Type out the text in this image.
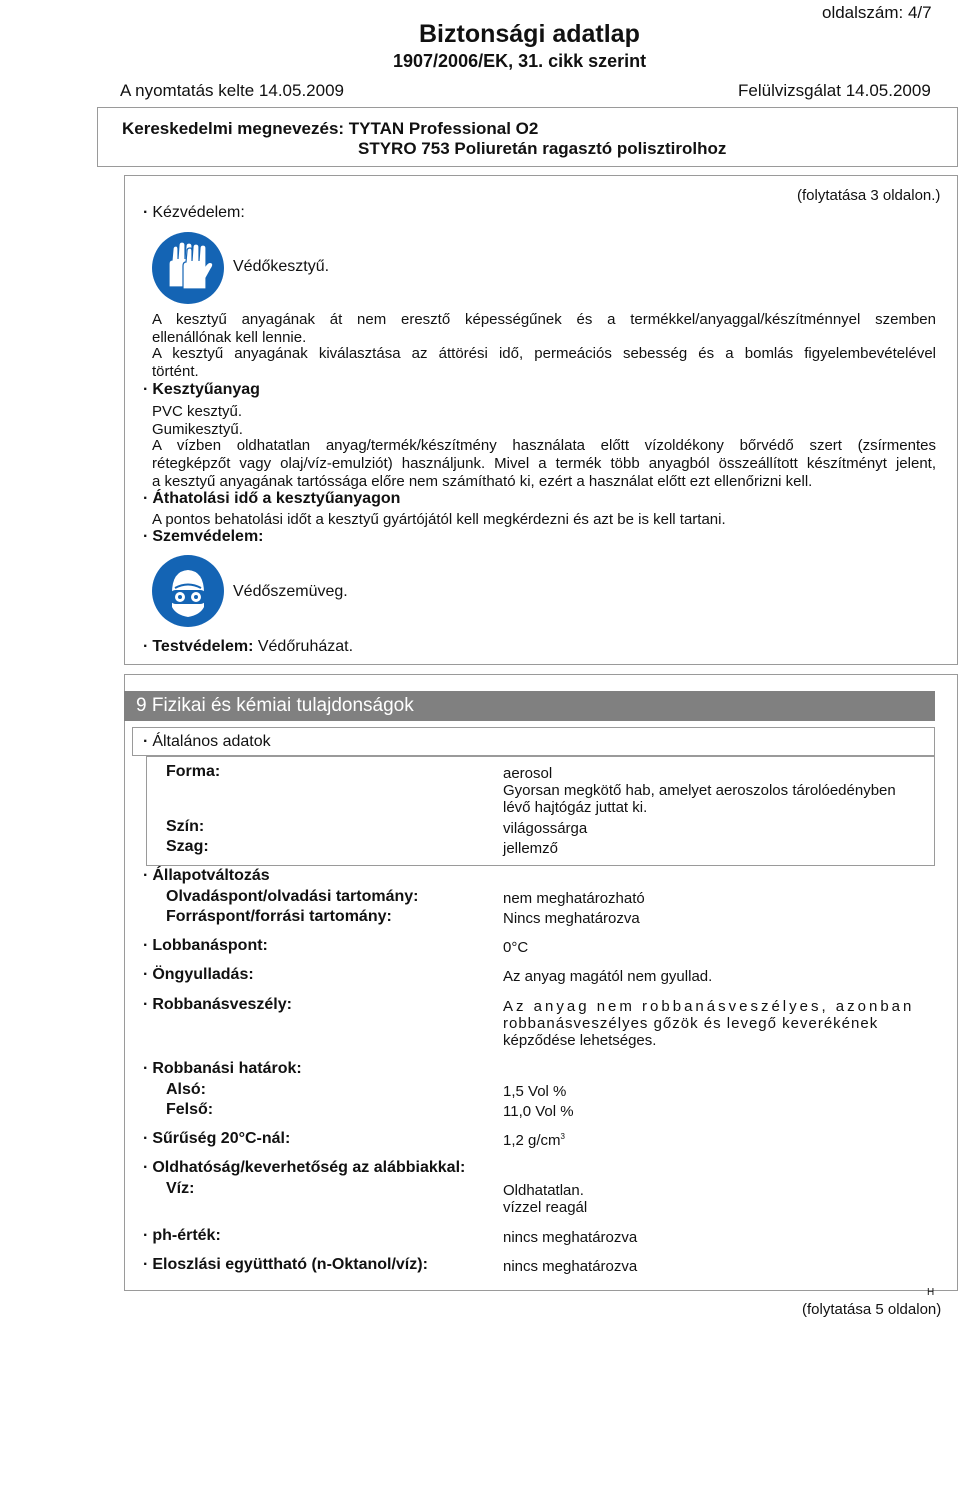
oldalszám: 4/7
Biztonsági adatlap
1907/2006/EK, 31. cikk szerint
A nyomtatás kelte 14.05.2009	Felülvizsgálat 14.05.2009
Kereskedelmi megnevezés: TYTAN Professional O2
STYRO 753 Poliuretán ragasztó polisztirolhoz
· Kézvédelem:
(folytatása 3 oldalon.)
Védőkesztyű.
A kesztyű anyagának át nem eresztő képességűnek és a termékkel/anyaggal/készítménnyel szemben
ellenállónak kell lennie.
A kesztyű anyagának kiválasztása az áttörési idő, permeációs sebesség és a bomlás figyelembevételével
történt.
· Kesztyűanyag
PVC kesztyű.
Gumikesztyű.
A vízben oldhatatlan anyag/termék/készítmény használata előtt vízoldékony bőrvédő szert (zsírmentes
rétegképzőt vagy olaj/víz-emulziót) használjunk. Mivel a termék több anyagból összeállított készítményt jelent,
a kesztyű anyagának tartóssága előre nem számítható ki, ezért a használat előtt ezt ellenőrizni kell.
· Áthatolási idő a kesztyűanyagon
A pontos behatolási időt a kesztyű gyártójától kell megkérdezni és azt be is kell tartani.
· Szemvédelem:
Védőszemüveg.
· Testvédelem: Védőruházat.
9 Fizikai és kémiai tulajdonságok
· Általános adatok
Forma:	aerosol
Gyorsan megkötő hab, amelyet aeroszolos tárolóedényben
lévő hajtógáz juttat ki.
Szín:	világossárga
Szag:	jellemző
· Állapotváltozás
Olvadáspont/olvadási tartomány:	nem meghatározható
Forráspont/forrási tartomány:	Nincs meghatározva
· Lobbanáspont:	0°C
· Öngyulladás:	Az anyag magától nem gyullad.
· Robbanásveszély:	Az anyag nem robbanásveszélyes, azonban
robbanásveszélyes gőzök és levegő keverékének
képződése lehetséges.
· Robbanási határok:
Alsó:	1,5 Vol %
Felső:	11,0 Vol %
· Sűrűség 20°C-nál:	1,2 $g/cm^3$
· Oldhatóság/keverhetőség az alábbiakkal:
Víz:	Oldhatatlan.
vízzel reagál
· ph-érték:	nincs meghatározva
· Eloszlási együttható (n-Oktanol/víz):	nincs meghatározva
H
(folytatása 5 oldalon)
